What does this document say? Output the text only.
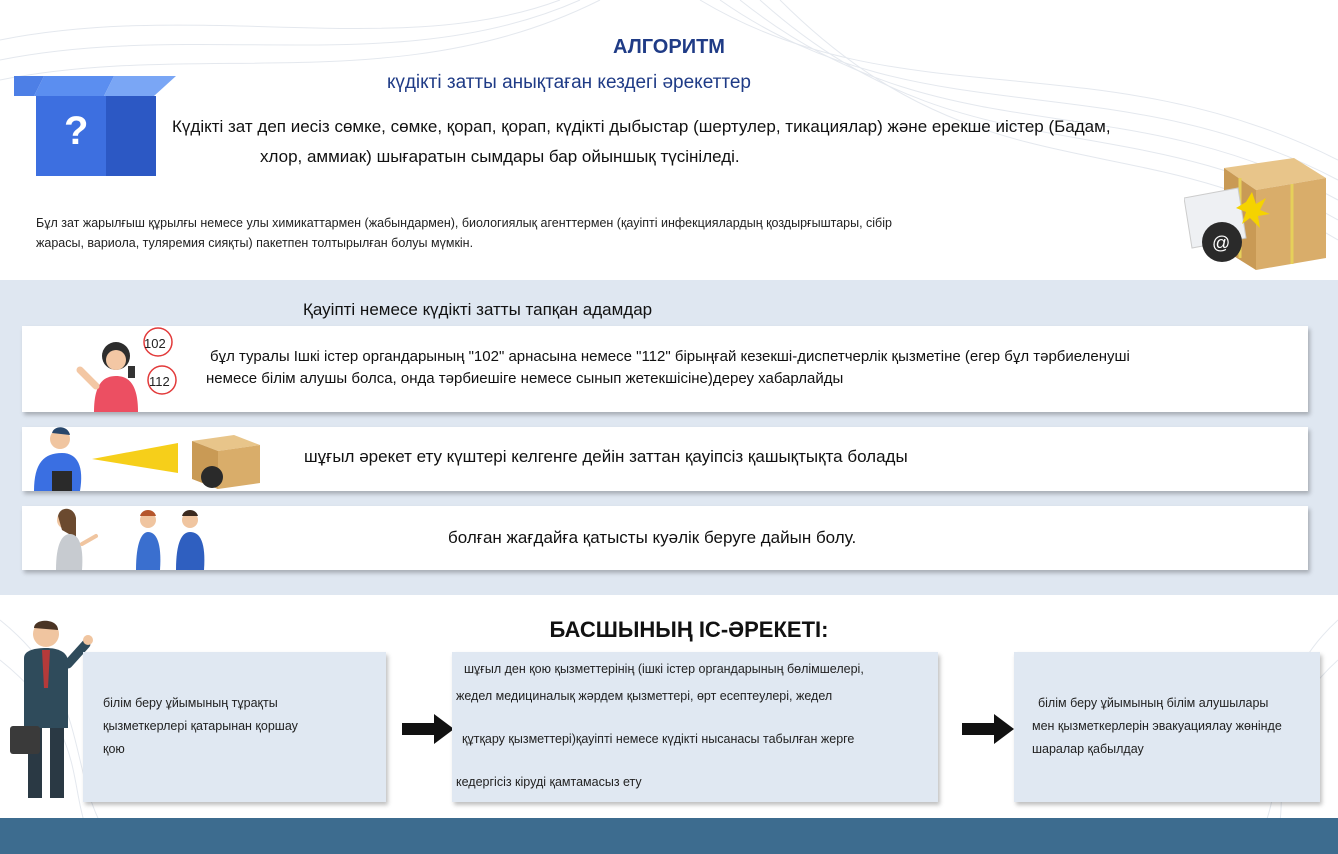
АЛГОРИТМ
күдікті затты анықтаған кездегі әрекеттер
?	Күдікті зат деп иесіз сөмке, сөмке, қорап, қорап, күдікті дыбыстар (шертулер, тикациялар) және ерекше иістер (Бадам,
хлор, аммиак) шығаратын сымдары бар ойыншық түсініледі.
Бұл зат жарылғыш құрылғы немесе улы химикаттармен (жабындармен), биологиялық агенттермен (қауіпті инфекциялардың қоздырғыштары, сібір
жарасы, вариола, туляремия сияқты) пакетпен толтырылған болуы мүмкін.	@
Қауіпті немесе күдікті затты тапқан адамдар
102
112
бұл туралы Ішкі істер органдарының "102" арнасына немесе "112" бірыңғай кезекші-диспетчерлік қызметіне (егер бұл тәрбиеленуші
немесе білім алушы болса, онда тәрбиешіге немесе сынып жетекшісіне)дереу хабарлайды
шұғыл әрекет ету күштері келгенге дейін заттан қауіпсіз қашықтықта болады
болған жағдайға қатысты куәлік беруге дайын болу.
БАСШЫНЫҢ ІС-ӘРЕКЕТІ:
білім беру ұйымының тұрақты
қызметкерлері қатарынан қоршау
қою
шұғыл ден қою қызметтерінің (ішкі істер органдарының бөлімшелері,
жедел медициналық жәрдем қызметтері, өрт есептеулері, жедел
құтқару қызметтері)қауіпті немесе күдікті нысанасы табылған жерге
кедергісіз кіруді қамтамасыз ету
білім беру ұйымының білім алушылары
мен қызметкерлерін эвакуациялау жөнінде
шаралар қабылдау
